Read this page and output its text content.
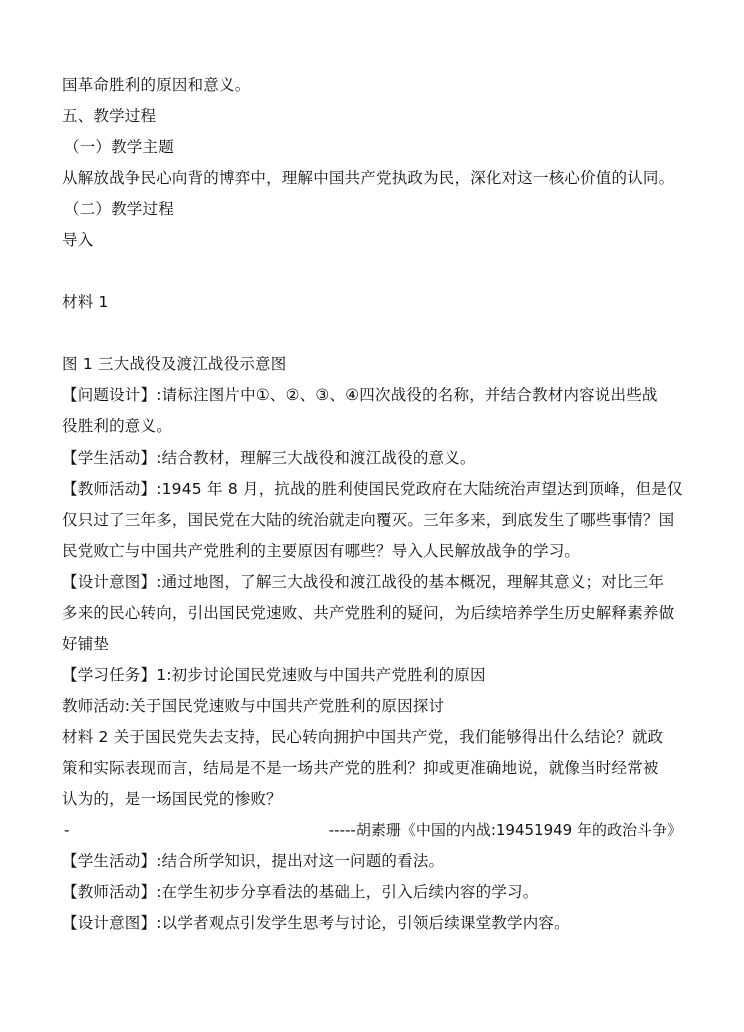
国革命胜利的原因和意义。
五、教学过程
（一）教学主题
从解放战争民心向背的博弈中，理解中国共产党执政为民，深化对这一核心价值的认同。
（二）教学过程
导入
材料 1
图 1 三大战役及渡江战役示意图
【问题设计】:请标注图片中①、②、③、④四次战役的名称，并结合教材内容说出些战
役胜利的意义。
【学生活动】:结合教材，理解三大战役和渡江战役的意义。
【教师活动】:1945 年 8 月，抗战的胜利使国民党政府在大陆统治声望达到顶峰，但是仅
仅只过了三年多，国民党在大陆的统治就走向覆灭。三年多来，到底发生了哪些事情？国
民党败亡与中国共产党胜利的主要原因有哪些？导入人民解放战争的学习。
【设计意图】:通过地图，了解三大战役和渡江战役的基本概况，理解其意义；对比三年
多来的民心转向，引出国民党速败、共产党胜利的疑问，为后续培养学生历史解释素养做
好铺垫
【学习任务】1:初步讨论国民党速败与中国共产党胜利的原因
教师活动:关于国民党速败与中国共产党胜利的原因探讨
材料 2 关于国民党失去支持，民心转向拥护中国共产党，我们能够得出什么结论？就政
策和实际表现而言，结局是不是一场共产党的胜利？抑或更准确地说，就像当时经常被
认为的，是一场国民党的惨败？
-	-----胡素珊《中国的内战:19451949 年的政治斗争》
【学生活动】:结合所学知识，提出对这一问题的看法。
【教师活动】:在学生初步分享看法的基础上，引入后续内容的学习。
【设计意图】:以学者观点引发学生思考与讨论，引领后续课堂教学内容。
